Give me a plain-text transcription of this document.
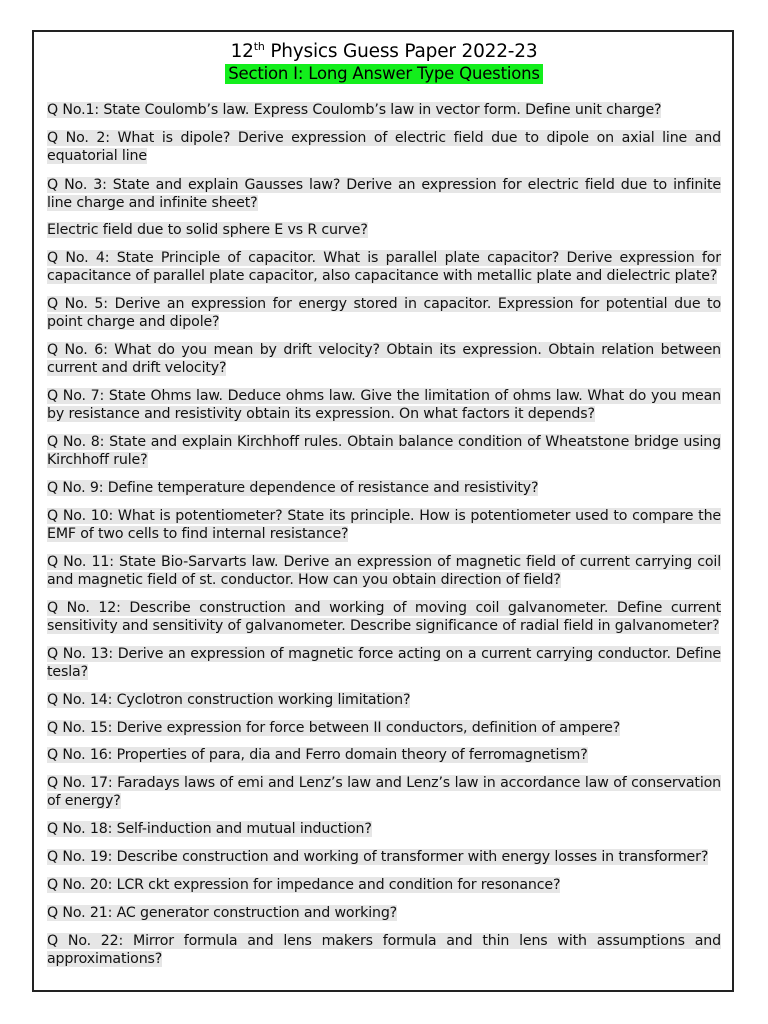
12th Physics Guess Paper 2022-23
Section I: Long Answer Type Questions
Q No.1: State Coulomb’s law. Express Coulomb’s law in vector form. Define unit charge?
Q No. 2: What is dipole? Derive expression of electric field due to dipole on axial line and equatorial line
Q No. 3: State and explain Gausses law? Derive an expression for electric field due to infinite line charge and infinite sheet?
Electric field due to solid sphere E vs R curve?
Q No. 4: State Principle of capacitor. What is parallel plate capacitor? Derive expression for capacitance of parallel plate capacitor, also capacitance with metallic plate and dielectric plate?
Q No. 5: Derive an expression for energy stored in capacitor. Expression for potential due to point charge and dipole?
Q No. 6: What do you mean by drift velocity? Obtain its expression. Obtain relation between current and drift velocity?
Q No. 7: State Ohms law. Deduce ohms law. Give the limitation of ohms law. What do you mean by resistance and resistivity obtain its expression. On what factors it depends?
Q No. 8: State and explain Kirchhoff rules. Obtain balance condition of Wheatstone bridge using Kirchhoff rule?
Q No. 9: Define temperature dependence of resistance and resistivity?
Q No. 10: What is potentiometer? State its principle. How is potentiometer used to compare the EMF of two cells to find internal resistance?
Q No. 11: State Bio-Sarvarts law. Derive an expression of magnetic field of current carrying coil and magnetic field of st. conductor. How can you obtain direction of field?
Q No. 12: Describe construction and working of moving coil galvanometer. Define current sensitivity and sensitivity of galvanometer. Describe significance of radial field in galvanometer?
Q No. 13: Derive an expression of magnetic force acting on a current carrying conductor. Define tesla?
Q No. 14: Cyclotron construction working limitation?
Q No. 15: Derive expression for force between II conductors, definition of ampere?
Q No. 16: Properties of para, dia and Ferro domain theory of ferromagnetism?
Q No. 17: Faradays laws of emi and Lenz’s law and Lenz’s law in accordance law of conservation of energy?
Q No. 18: Self-induction and mutual induction?
Q No. 19: Describe construction and working of transformer with energy losses in transformer?
Q No. 20: LCR ckt expression for impedance and condition for resonance?
Q No. 21: AC generator construction and working?
Q No. 22: Mirror formula and lens makers formula and thin lens with assumptions and approximations?
